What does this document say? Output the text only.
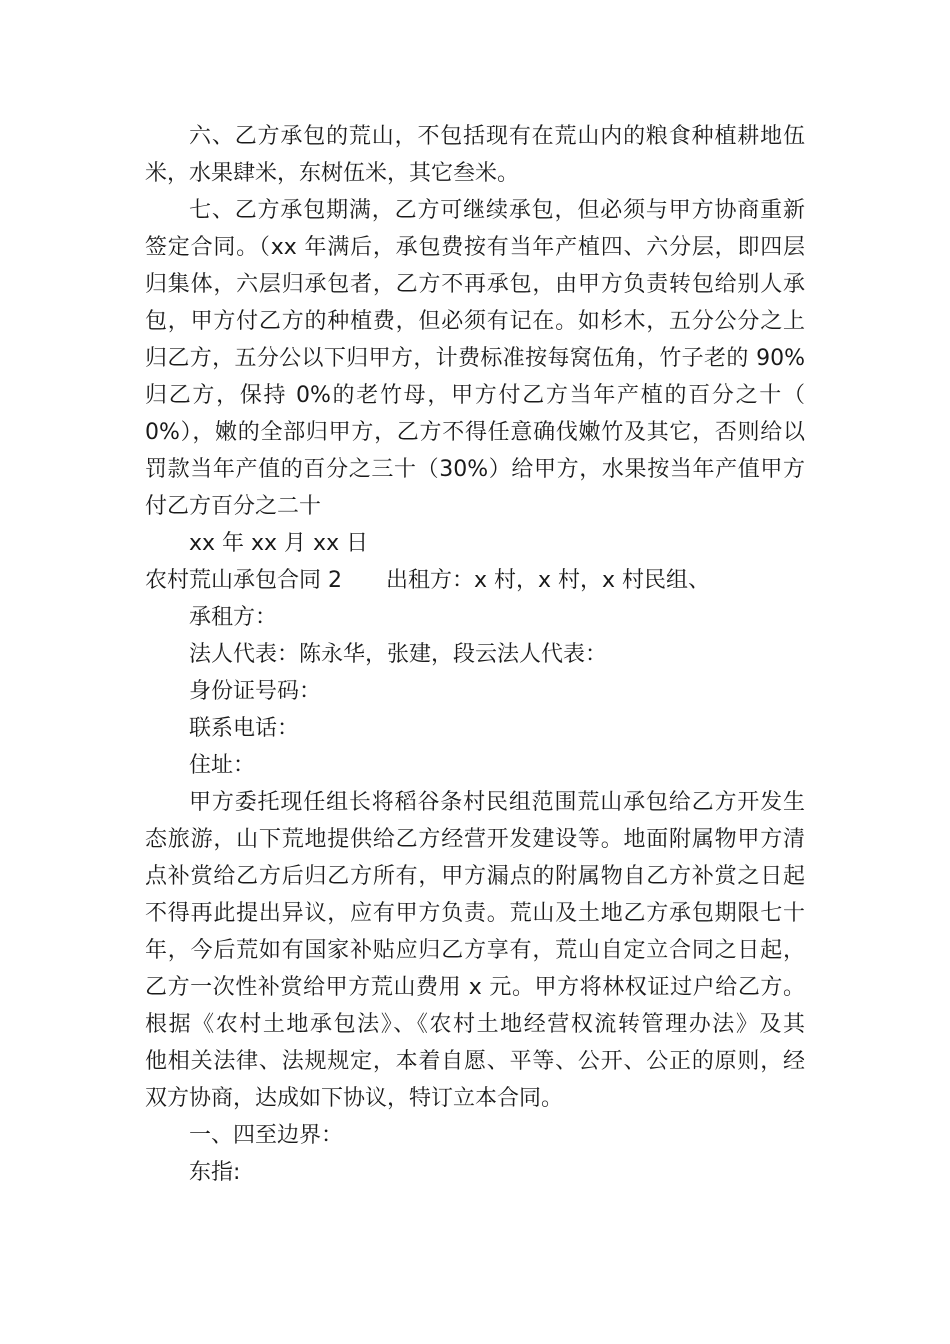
六、乙方承包的荒山，不包括现有在荒山内的粮食种植耕地伍
米，水果肆米，东树伍米，其它叁米。
七、乙方承包期满，乙方可继续承包，但必须与甲方协商重新
签定合同。（xx 年满后，承包费按有当年产植四、六分层，即四层
归集体，六层归承包者，乙方不再承包，由甲方负责转包给别人承
包，甲方付乙方的种植费，但必须有记在。如杉木，五分公分之上
归乙方，五分公以下归甲方，计费标准按每窝伍角，竹子老的 90%
归乙方，保持 0%的老竹母，甲方付乙方当年产植的百分之十（
0%），嫩的全部归甲方，乙方不得任意确伐嫩竹及其它，否则给以
罚款当年产值的百分之三十（30%）给甲方，水果按当年产值甲方
付乙方百分之二十
xx 年 xx 月 xx 日
农村荒山承包合同 2 出租方：x 村，x 村，x 村民组、
承租方：
法人代表：陈永华，张建，段云法人代表：
身份证号码：
联系电话：
住址：
甲方委托现任组长将稻谷条村民组范围荒山承包给乙方开发生
态旅游，山下荒地提供给乙方经营开发建设等。地面附属物甲方清
点补赏给乙方后归乙方所有，甲方漏点的附属物自乙方补赏之日起
不得再此提出异议，应有甲方负责。荒山及土地乙方承包期限七十
年，今后荒如有国家补贴应归乙方享有，荒山自定立合同之日起，
乙方一次性补赏给甲方荒山费用 x 元。甲方将林权证过户给乙方。
根据《农村土地承包法》、《农村土地经营权流转管理办法》及其
他相关法律、法规规定，本着自愿、平等、公开、公正的原则，经
双方协商，达成如下协议，特订立本合同。
一、四至边界：
东指:
